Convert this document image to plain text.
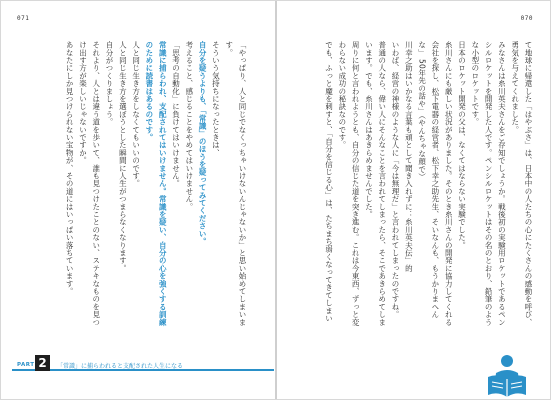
071

「やっぱり、人と同じでなくっちゃいけないんじゃないか」と思い始めてしまいます。

そういう気持ちになったときは、

自分を疑うよりも、「常識」のほうを疑ってみてください。

考えること、感じることをやめてはいけません。

「思考の自動化」に負けてはいけません。

常識に捕らわれ、支配されてはいけません。常識を疑い、自分の心を強くする訓練のために読書はあるのです。

人と同じ生き方をしなくてもいいのです。

人と同じ生き方を選ぼうとした瞬間に人生がつまらなくなります。

自分がつくりましょう。

それより、人とは違う道を歩いて、誰も見つけたことのない、ステキなものを見つけ出す方が楽しいじゃないですか。

あなたにしか見つけられない宝物が、その道にはいっぱい落ちています。

PART 2	「常識」に捕らわれると支配された人生になる
070

て地球に帰還した「はやぶさ」は、日本中の人たちの心にたくさんの感動を呼び、勇気を与えてくれました。

みなさんは糸川英夫さんをご存知でしょうか。戦後初の実験用ロケットであるペンシルロケットを開発した人です。ペンシルロケットはその名のとおり、鉛筆のような小型のロケットです。

日本のロケット開発の父は、なくてはならない実験でした。

糸川さんにも厳しい状況がありました。そのとき糸川さんの開発に協力してくれる会社を探し、松下電器の経営者、松下幸之助先生、そいなんも、もうかりまへんな」 50年先の話や」（やんちゃな顔で）

川幸之助はいかなる言葉も頑として聞き入れずに：糸川英夫伝」的

いわば、経営の神様のような人に「今は無理だ」と言われてしまったのですね。

普通の人なら、偉い人にそんなことを言われてしまったら、そこであきらめてしまいます。でも、糸川さんはあきらめませんでした。

周りに何と言われようとも、自分の信じた道を突き進む。これは今東西、ずっと変わらない成功の秘訣なのです。

でも、ふっと魔を刺すと、「自分を信じる心」は、たちまち弱くなってきてしまい
